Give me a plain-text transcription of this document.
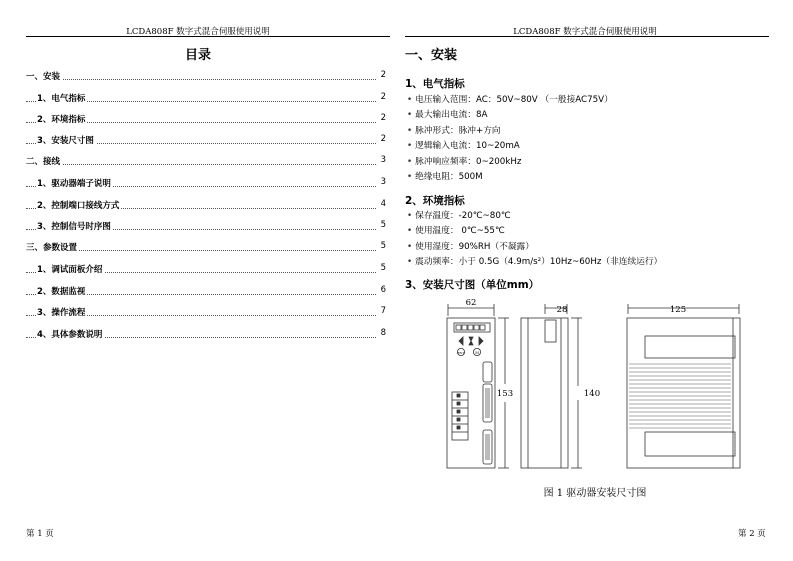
LCDA808F 数字式混合伺服使用说明
目录
一、安装	2
1、电气指标	2
2、环境指标	2
3、安装尺寸图	2
二、接线	3
1、驱动器端子说明	3
2、控制端口接线方式	4
3、控制信号时序图	5
三、参数设置	5
1、调试面板介绍	5
2、数据监视	6
3、操作流程	7
4、具体参数说明	8
第 1 页
LCDA808F 数字式混合伺服使用说明
一、安装
1、电气指标
• 电压输入范围：AC：50V~80V （一般接AC75V）
• 最大输出电流：8A
• 脉冲形式：脉冲+方向
• 逻辑输入电流：10~20mA
• 脉冲响应频率：0~200kHz
• 绝缘电阻：500M
2、环境指标
• 保存温度：-20℃~80℃
• 使用温度： 0℃~55℃
• 使用湿度：90%RH（不凝露）
• 震动频率：小于 0.5G（4.9m/s²）10Hz~60Hz（非连续运行）
3、安装尺寸图（单位mm）
62
153
ENT	M
28
140
125
图 1 驱动器安装尺寸图
第 2 页
